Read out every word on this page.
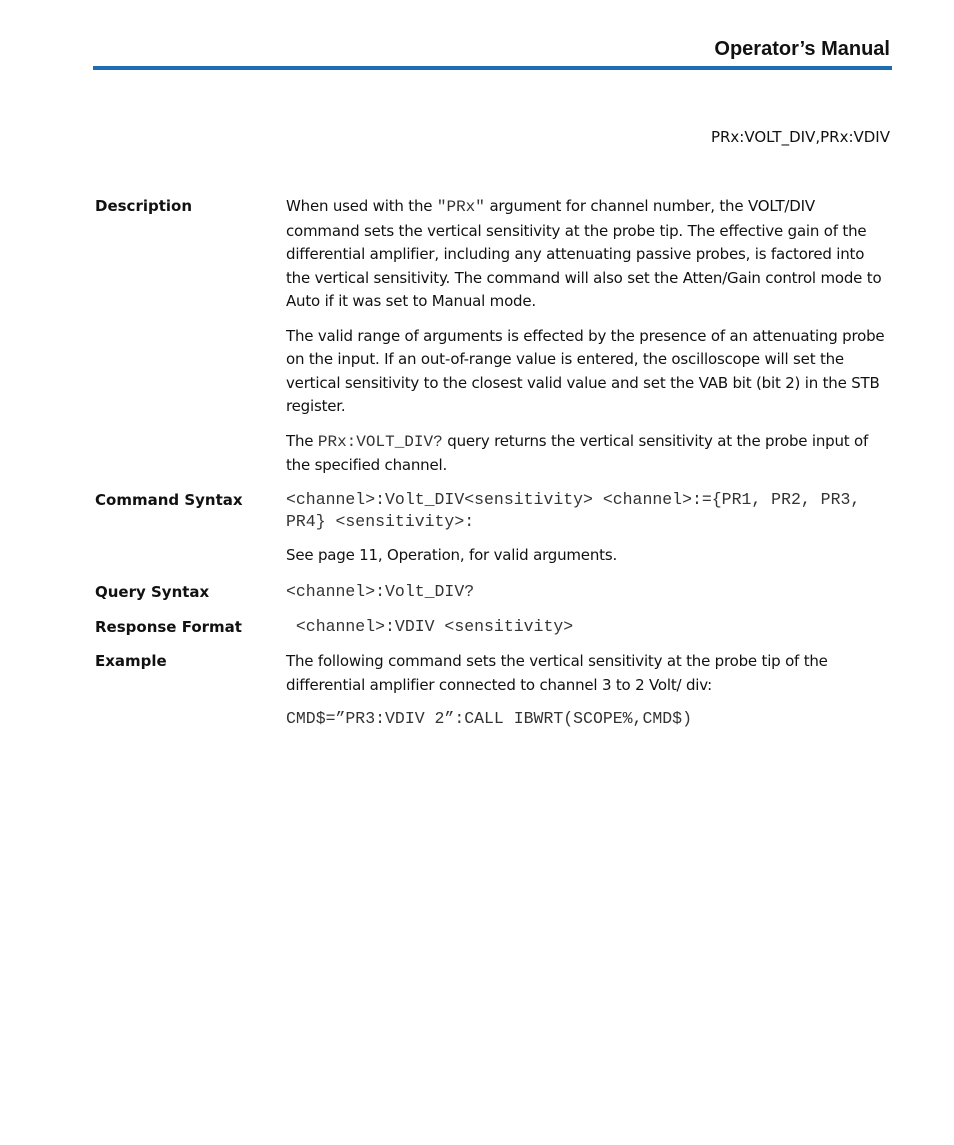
Operator’s Manual
PRx:VOLT_DIV,PRx:VDIV
Description	When used with the "PRx" argument for channel number, the VOLT/DIV command sets the vertical sensitivity at the probe tip. The effective gain of the differential amplifier, including any attenuating passive probes, is factored into the vertical sensitivity. The command will also set the Atten/Gain control mode to Auto if it was set to Manual mode.

The valid range of arguments is effected by the presence of an attenuating probe on the input. If an out-of-range value is entered, the oscilloscope will set the vertical sensitivity to the closest valid value and set the VAB bit (bit 2) in the STB register.

The PRx:VOLT_DIV? query returns the vertical sensitivity at the probe input of the specified channel.

Command Syntax	<channel>:Volt_DIV<sensitivity> <channel>:={PR1, PR2, PR3, PR4} <sensitivity>:

See page 11, Operation, for valid arguments.

Query Syntax	<channel>:Volt_DIV?
Response Format	<channel>:VDIV <sensitivity>
Example	The following command sets the vertical sensitivity at the probe tip of the differential amplifier connected to channel 3 to 2 Volt/ div:

CMD$=”PR3:VDIV 2”:CALL IBWRT(SCOPE%,CMD$)
